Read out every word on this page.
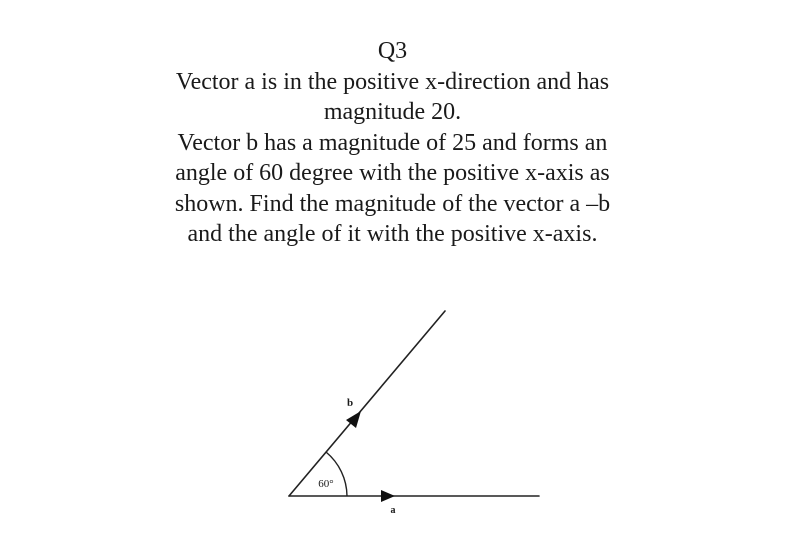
Q3
Vector a is in the positive x-direction and has
magnitude 20.
Vector b has a magnitude of 25 and forms an
angle of 60 degree with the positive x-axis as
shown. Find the magnitude of the vector a –b
and the angle of it with the positive x-axis.
60°
b
a
